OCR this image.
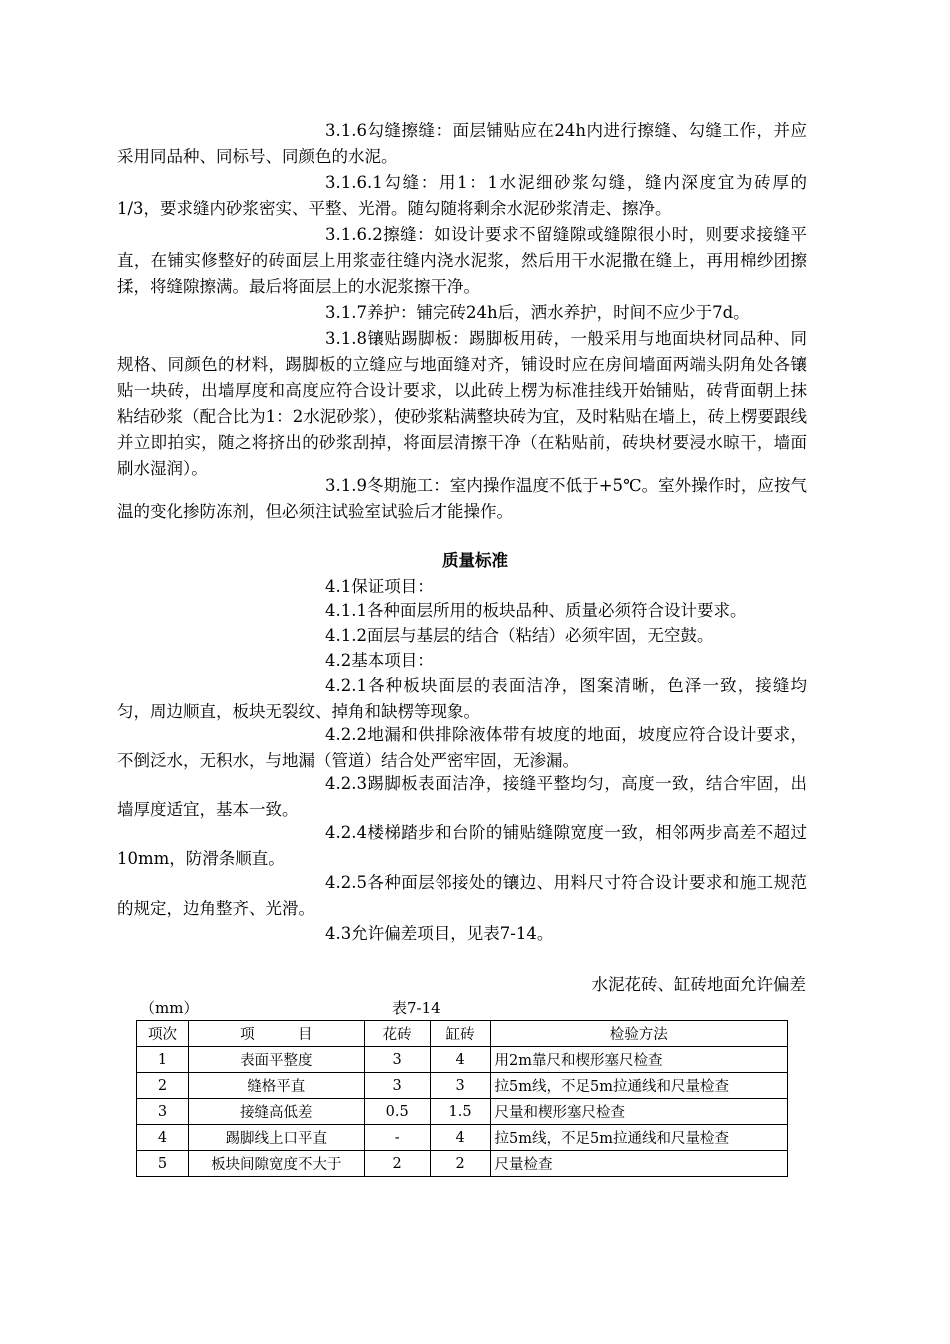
3.1.6勾缝擦缝：面层铺贴应在24h内进行擦缝、勾缝工作，并应采用同品种、同标号、同颜色的水泥。

3.1.6.1勾缝：用1：1水泥细砂浆勾缝，缝内深度宜为砖厚的1/3，要求缝内砂浆密实、平整、光滑。随勾随将剩余水泥砂浆清走、擦净。

3.1.6.2擦缝：如设计要求不留缝隙或缝隙很小时，则要求接缝平直，在铺实修整好的砖面层上用浆壶往缝内浇水泥浆，然后用干水泥撒在缝上，再用棉纱团擦揉，将缝隙擦满。最后将面层上的水泥浆擦干净。

3.1.7养护：铺完砖24h后，洒水养护，时间不应少于7d。

3.1.8镶贴踢脚板：踢脚板用砖，一般采用与地面块材同品种、同规格、同颜色的材料，踢脚板的立缝应与地面缝对齐，铺设时应在房间墙面两端头阴角处各镶贴一块砖，出墙厚度和高度应符合设计要求，以此砖上楞为标准挂线开始铺贴，砖背面朝上抹粘结砂浆（配合比为1：2水泥砂浆），使砂浆粘满整块砖为宜，及时粘贴在墙上，砖上楞要跟线并立即拍实，随之将挤出的砂浆刮掉，将面层清擦干净（在粘贴前，砖块材要浸水晾干，墙面刷水湿润）。

3.1.9冬期施工：室内操作温度不低于+5℃。室外操作时，应按气温的变化掺防冻剂，但必须注试验室试验后才能操作。

质量标准

4.1保证项目：

4.1.1各种面层所用的板块品种、质量必须符合设计要求。

4.1.2面层与基层的结合（粘结）必须牢固，无空鼓。

4.2基本项目：

4.2.1各种板块面层的表面洁净，图案清晰，色泽一致，接缝均匀，周边顺直，板块无裂纹、掉角和缺楞等现象。

4.2.2地漏和供排除液体带有坡度的地面，坡度应符合设计要求，不倒泛水，无积水，与地漏（管道）结合处严密牢固，无渗漏。

4.2.3踢脚板表面洁净，接缝平整均匀，高度一致，结合牢固，出墙厚度适宜，基本一致。

4.2.4楼梯踏步和台阶的铺贴缝隙宽度一致，相邻两步高差不超过10mm，防滑条顺直。

4.2.5各种面层邻接处的镶边、用料尺寸符合设计要求和施工规范的规定，边角整齐、光滑。

4.3允许偏差项目，见表7-14。

水泥花砖、缸砖地面允许偏差
（mm）	表7-14
项次	项　　　目	花砖	缸砖	检验方法
1	表面平整度	3	4	用2m靠尺和楔形塞尺检查
2	缝格平直	3	3	拉5m线，不足5m拉通线和尺量检查
3	接缝高低差	0.5	1.5	尺量和楔形塞尺检查
4	踢脚线上口平直	-	4	拉5m线，不足5m拉通线和尺量检查
5	板块间隙宽度不大于	2	2	尺量检查
